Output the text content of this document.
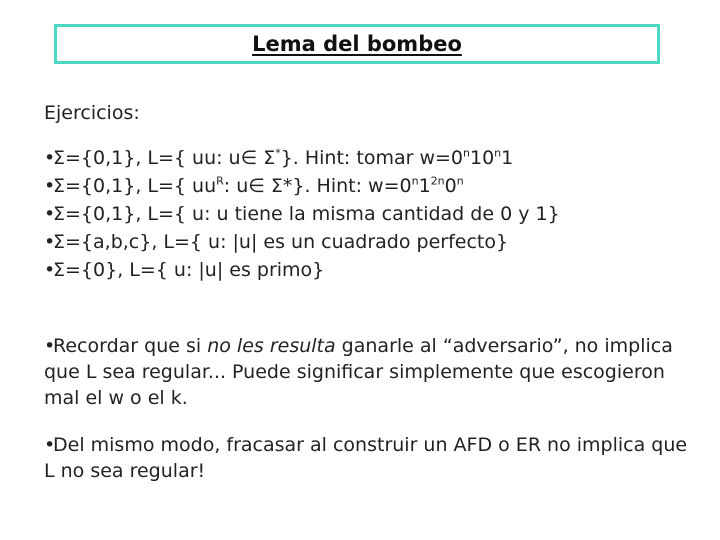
Lema del bombeo
Ejercicios:
•Σ={0,1}, L={ uu: u∈ Σ*}. Hint: tomar $w=0^n10^n1$
•Σ={0,1}, L={ $uu^R$: u∈ Σ*}. Hint: $w=0^n1^{2n}0^n$
•Σ={0,1}, L={ u: u tiene la misma cantidad de 0 y 1}
•Σ={a,b,c}, L={ u: |u| es un cuadrado perfecto}
•Σ={0}, L={ u: |u| es primo}

•Recordar que si no les resulta ganarle al “adversario”, no implica que L sea regular... Puede significar simplemente que escogieron mal el w o el k.

•Del mismo modo, fracasar al construir un AFD o ER no implica que L no sea regular!
